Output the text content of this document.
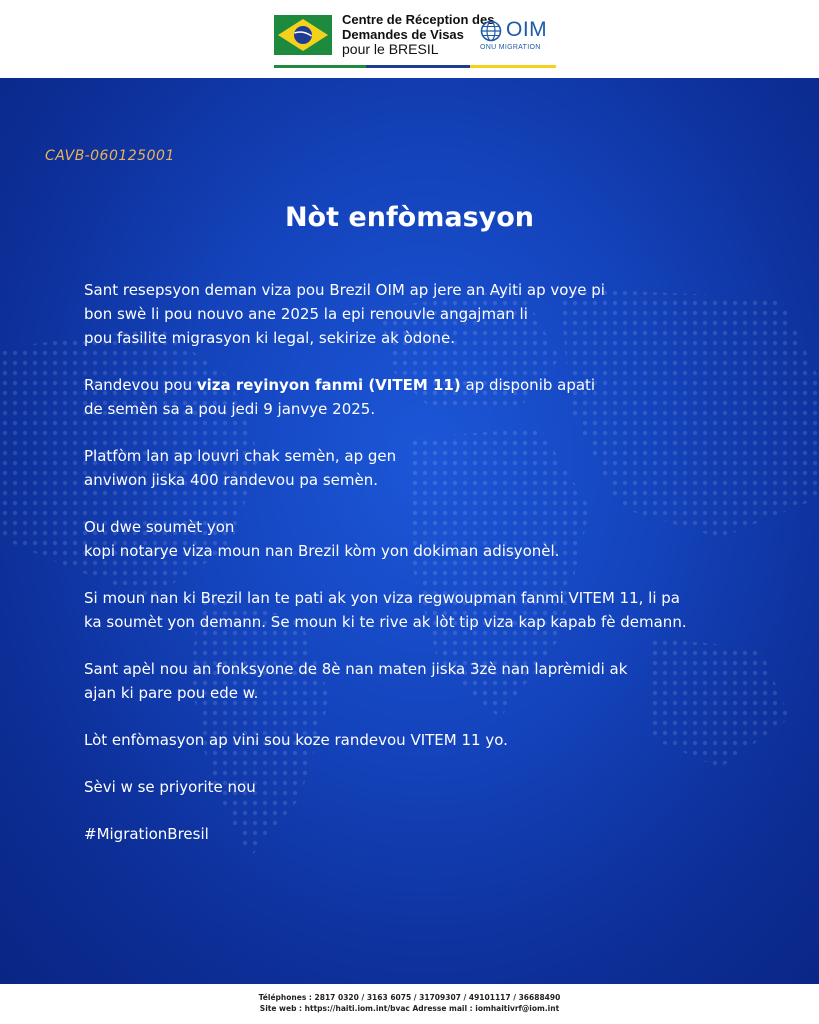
Centre de Réception des
Demandes de Visas
pour le BRESIL
OIM
ONU MIGRATION
CAVB-060125001
Nòt enfòmasyon

Sant resepsyon deman viza pou Brezil OIM ap jere an Ayiti ap voye pi
bon swè li pou nouvo ane 2025 la epi renouvle angajman li
pou fasilite migrasyon ki legal, sekirize ak òdone.

Randevou pou viza reyinyon fanmi (VITEM 11) ap disponib apati
de semèn sa a pou jedi 9 janvye 2025.

Platfòm lan ap louvri chak semèn, ap gen
anviwon jiska 400 randevou pa semèn.

Ou dwe soumèt yon
kopi notarye viza moun nan Brezil kòm yon dokiman adisyonèl.

Si moun nan ki Brezil lan te pati ak yon viza regwoupman fanmi VITEM 11, li pa
ka soumèt yon demann. Se moun ki te rive ak lòt tip viza kap kapab fè demann.

Sant apèl nou an fonksyone de 8è nan maten jiska 3zè nan laprèmidi ak
ajan ki pare pou ede w.

Lòt enfòmasyon ap vini sou koze randevou VITEM 11 yo.

Sèvi w se priyorite nou

#MigrationBresil

Téléphones : 2817 0320 / 3163 6075 / 31709307 / 49101117 / 36688490
Site web : https://haiti.iom.int/bvac Adresse mail : iomhaitivrf@iom.int
